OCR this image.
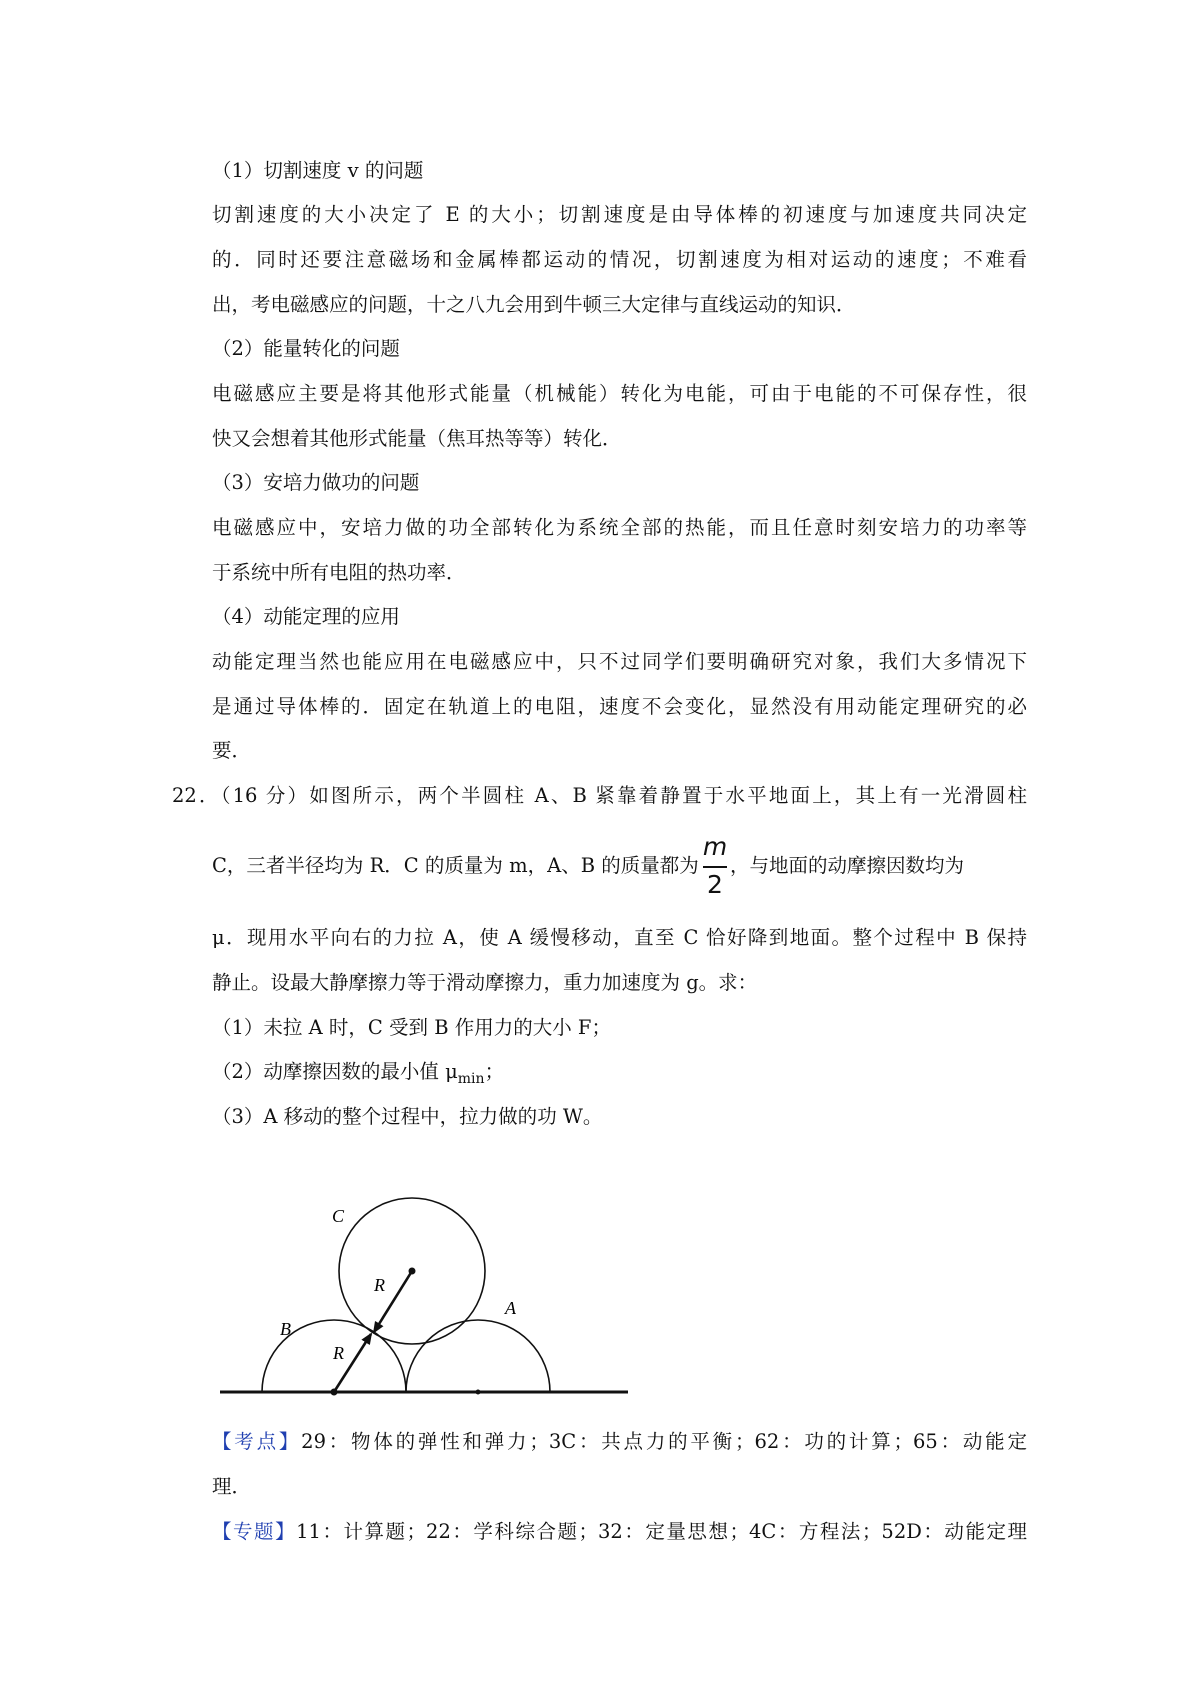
（1）切割速度 v 的问题
切割速度的大小决定了 E 的大小；切割速度是由导体棒的初速度与加速度共同决定
的．同时还要注意磁场和金属棒都运动的情况，切割速度为相对运动的速度；不难看
出，考电磁感应的问题，十之八九会用到牛顿三大定律与直线运动的知识．
（2）能量转化的问题
电磁感应主要是将其他形式能量（机械能）转化为电能，可由于电能的不可保存性，很
快又会想着其他形式能量（焦耳热等等）转化．
（3）安培力做功的问题
电磁感应中，安培力做的功全部转化为系统全部的热能，而且任意时刻安培力的功率等
于系统中所有电阻的热功率．
（4）动能定理的应用
动能定理当然也能应用在电磁感应中，只不过同学们要明确研究对象，我们大多情况下
是通过导体棒的．固定在轨道上的电阻，速度不会变化，显然没有用动能定理研究的必
要．
22．（16 分）如图所示，两个半圆柱 A、B 紧靠着静置于水平地面上，其上有一光滑圆柱
C，三者半径均为 R．C 的质量为 m，A、B 的质量都为
m
2
，与地面的动摩擦因数均为
μ．现用水平向右的力拉 A，使 A 缓慢移动，直至 C 恰好降到地面。整个过程中 B 保持
静止。设最大静摩擦力等于滑动摩擦力，重力加速度为 g。求：
（1）未拉 A 时，C 受到 B 作用力的大小 F；
（2）动摩擦因数的最小值 $\mu_{min}$；
（3）A 移动的整个过程中，拉力做的功 W。
C
B
A
R
R
【考点】29：物体的弹性和弹力；3C：共点力的平衡；62：功的计算；65：动能定
理．
【专题】11：计算题；22：学科综合题；32：定量思想；4C：方程法；52D：动能定理
